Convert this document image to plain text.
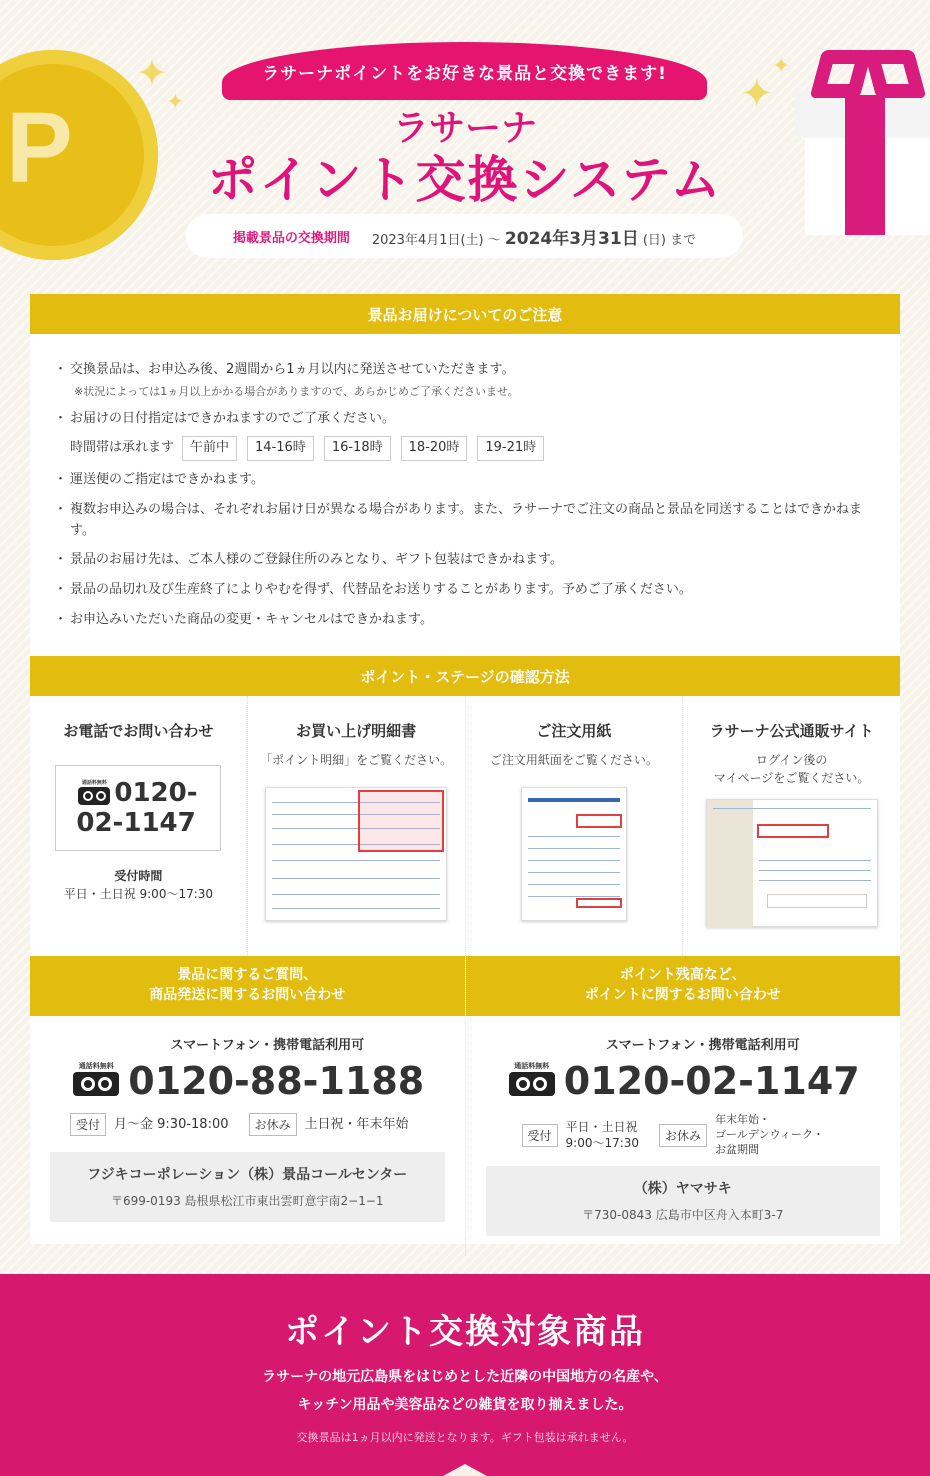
P
✦
✦	✦
✦
ラサーナポイントをお好きな景品と交換できます!
ラサーナ
ポイント交換システム
掲載景品の交換期間 2023年4月1日(土) ～ 2024年3月31日 (日) まで
景品お届けについてのご注意
・ 交換景品は、お申込み後、2週間から1ヵ月以内に発送させていただきます。
※状況によっては1ヵ月以上かかる場合がありますので、あらかじめご了承くださいませ。
・ お届けの日付指定はできかねますのでご了承ください。
時間帯は承れます	午前中	14-16時	16-18時	18-20時	19-21時
・ 運送便のご指定はできかねます。
・ 複数お申込みの場合は、それぞれお届け日が異なる場合があります。また、ラサーナでご注文の商品と景品を同送することはできかねます。
・ 景品のお届け先は、ご本人様のご登録住所のみとなり、ギフト包装はできかねます。
・ 景品の品切れ及び生産終了によりやむを得ず、代替品をお送りすることがあります。予めご了承ください。
・ お申込みいただいた商品の変更・キャンセルはできかねます。
ポイント・ステージの確認方法
お電話でお問い合わせ
通話料無料 0120-
02-1147
受付時間
平日・土日祝 9:00～17:30
お買い上げ明細書

「ポイント明細」をご覧ください。

ご注文用紙

ご注文用紙面をご覧ください。

ラサーナ公式通販サイト

ログイン後の
マイページをご覧ください。

景品に関するご質問、
商品発送に関するお問い合わせ
スマートフォン・携帯電話利用可
通話料無料 0120-88-1188
受付	月～金 9:30-18:00	お休み	土日祝・年末年始
フジキコーポレーション（株）景品コールセンター
〒699-0193 島根県松江市東出雲町意宇南2−1−1
ポイント残高など、
ポイントに関するお問い合わせ
スマートフォン・携帯電話利用可
通話料無料 0120-02-1147
受付
平日・土日祝
9:00～17:30
お休み
年末年始・
ゴールデンウィーク・
お盆期間
（株）ヤマサキ
〒730-0843 広島市中区舟入本町3-7
ポイント交換対象商品

ラサーナの地元広島県をはじめとした近隣の中国地方の名産や、
キッチン用品や美容品などの雑貨を取り揃えました。

交換景品は1ヵ月以内に発送となります。ギフト包装は承れません。
